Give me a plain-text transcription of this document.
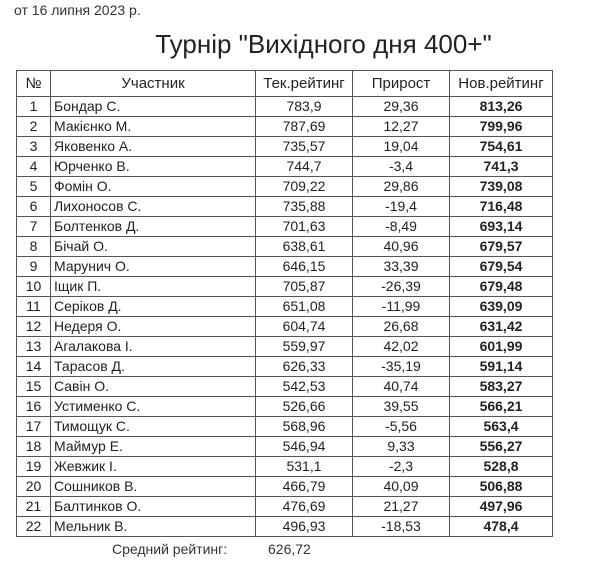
от 16 липня 2023 р.
Турнір "Вихідного дня 400+"
№	Участник	Тек.рейтинг	Прирост	Нов.рейтинг
1	Бондар С.	783,9	29,36	813,26
2	Макієнко М.	787,69	12,27	799,96
3	Яковенко А.	735,57	19,04	754,61
4	Юрченко В.	744,7	-3,4	741,3
5	Фомін О.	709,22	29,86	739,08
6	Лихоносов С.	735,88	-19,4	716,48
7	Болтенков Д.	701,63	-8,49	693,14
8	Бічай О.	638,61	40,96	679,57
9	Марунич О.	646,15	33,39	679,54
10	Іщик П.	705,87	-26,39	679,48
11	Серіков Д.	651,08	-11,99	639,09
12	Недеря О.	604,74	26,68	631,42
13	Агалакова І.	559,97	42,02	601,99
14	Тарасов Д.	626,33	-35,19	591,14
15	Савін О.	542,53	40,74	583,27
16	Устименко С.	526,66	39,55	566,21
17	Тимощук С.	568,96	-5,56	563,4
18	Маймур Е.	546,94	9,33	556,27
19	Жевжик І.	531,1	-2,3	528,8
20	Сошников В.	466,79	40,09	506,88
21	Балтинков О.	476,69	21,27	497,96
22	Мельник В.	496,93	-18,53	478,4
Средний рейтинг:	626,72
